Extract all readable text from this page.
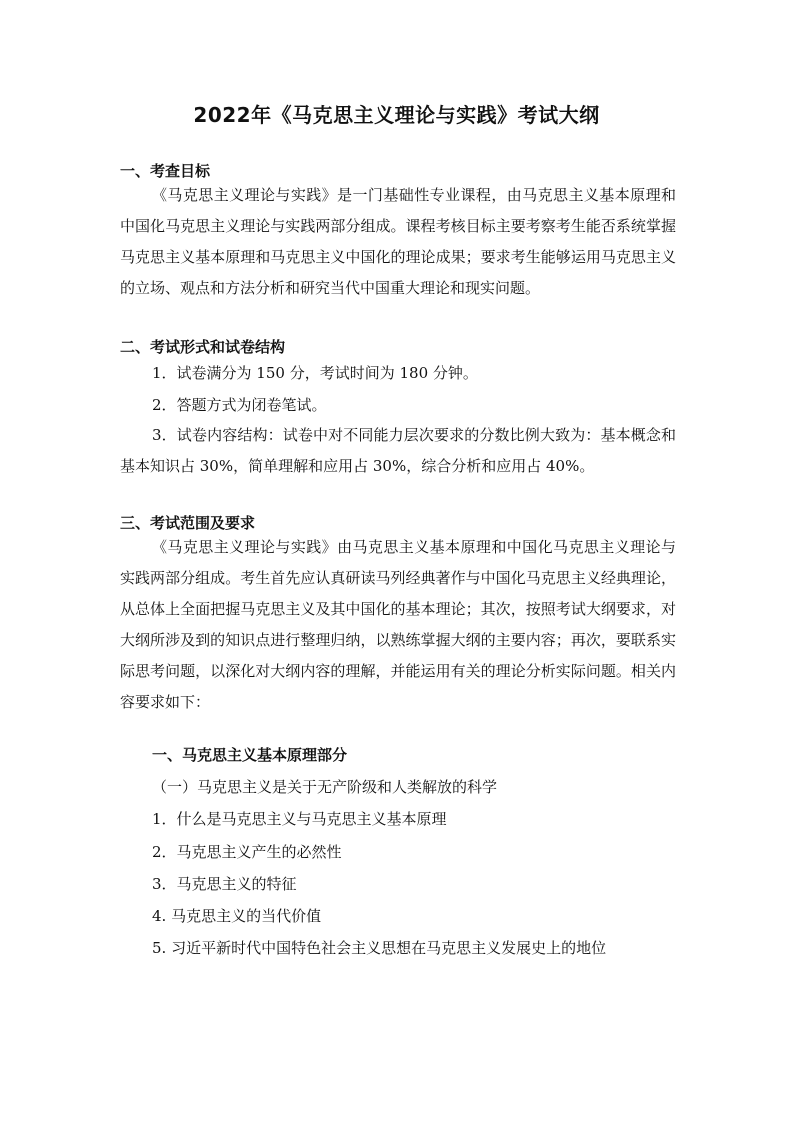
2022年《马克思主义理论与实践》考试大纲
一、考查目标

《马克思主义理论与实践》是一门基础性专业课程，由马克思主义基本原理和中国化马克思主义理论与实践两部分组成。课程考核目标主要考察考生能否系统掌握马克思主义基本原理和马克思主义中国化的理论成果；要求考生能够运用马克思主义的立场、观点和方法分析和研究当代中国重大理论和现实问题。

二、考试形式和试卷结构
1．试卷满分为 150 分，考试时间为 180 分钟。
2．答题方式为闭卷笔试。
3．试卷内容结构：试卷中对不同能力层次要求的分数比例大致为：基本概念和基本知识占 30%，简单理解和应用占 30%，综合分析和应用占 40%。
三、考试范围及要求

《马克思主义理论与实践》由马克思主义基本原理和中国化马克思主义理论与实践两部分组成。考生首先应认真研读马列经典著作与中国化马克思主义经典理论，从总体上全面把握马克思主义及其中国化的基本理论；其次，按照考试大纲要求，对大纲所涉及到的知识点进行整理归纳，以熟练掌握大纲的主要内容；再次，要联系实际思考问题，以深化对大纲内容的理解，并能运用有关的理论分析实际问题。相关内容要求如下：

一、马克思主义基本原理部分
（一）马克思主义是关于无产阶级和人类解放的科学
1．什么是马克思主义与马克思主义基本原理
2．马克思主义产生的必然性
3．马克思主义的特征
4. 马克思主义的当代价值
5. 习近平新时代中国特色社会主义思想在马克思主义发展史上的地位
